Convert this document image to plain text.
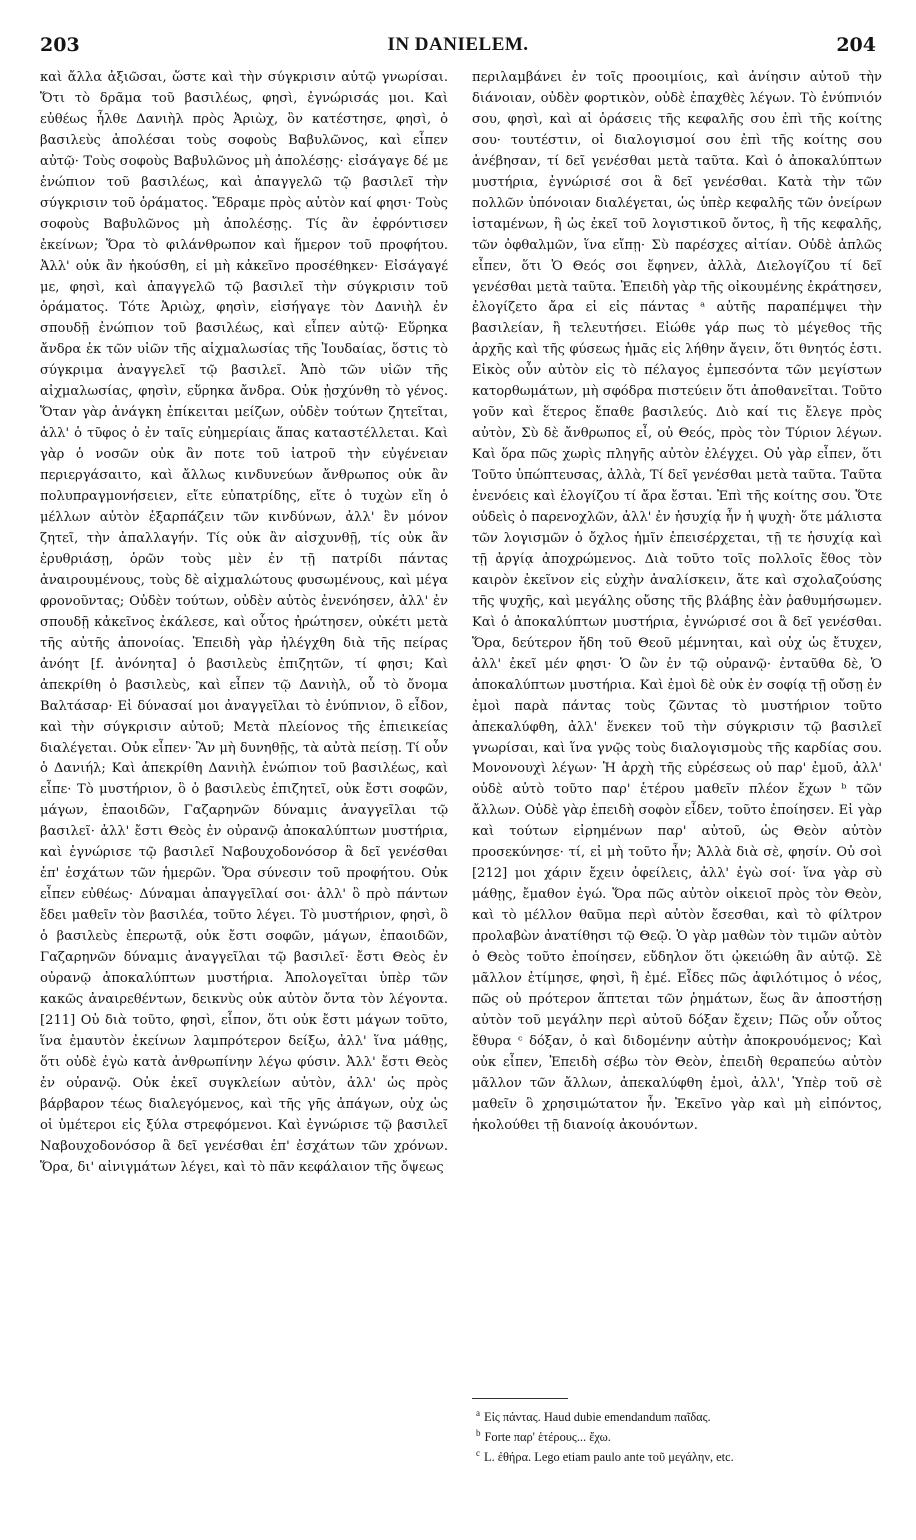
203	IN DANIELEM.	204

καὶ ἄλλα ἀξιῶσαι, ὥστε καὶ τὴν σύγκρισιν αὐτῷ γνωρίσαι. Ὅτι τὸ δρᾶμα τοῦ βασιλέως, φησὶ, ἐγνώρισάς μοι. Καὶ εὐθέως ἦλθε Δανιὴλ πρὸς Ἀριὼχ, ὃν κατέστησε, φησὶ, ὁ βασιλεὺς ἀπολέσαι τοὺς σοφοὺς Βαβυλῶνος, καὶ εἶπεν αὐτῷ· Τοὺς σοφοὺς Βαβυλῶνος μὴ ἀπολέσῃς· εἰσάγαγε δέ με ἐνώπιον τοῦ βασιλέως, καὶ ἀπαγγελῶ τῷ βασιλεῖ τὴν σύγκρισιν τοῦ ὁράματος. Ἔδραμε πρὸς αὐτὸν καί φησι· Τοὺς σοφοὺς Βαβυλῶνος μὴ ἀπολέσῃς. Τίς ἂν ἐφρόντισεν ἐκείνων; Ὅρα τὸ φιλάνθρωπον καὶ ἥμερον τοῦ προφήτου. Ἀλλ' οὐκ ἂν ἠκούσθη, εἰ μὴ κἀκεῖνο προσέθηκεν· Εἰσάγαγέ με, φησὶ, καὶ ἀπαγγελῶ τῷ βασιλεῖ τὴν σύγκρισιν τοῦ ὁράματος. Τότε Ἀριὼχ, φησὶν, εἰσήγαγε τὸν Δανιὴλ ἐν σπουδῇ ἐνώπιον τοῦ βασιλέως, καὶ εἶπεν αὐτῷ· Εὕρηκα ἄνδρα ἐκ τῶν υἱῶν τῆς αἰχμαλωσίας τῆς Ἰουδαίας, ὅστις τὸ σύγκριμα ἀναγγελεῖ τῷ βασιλεῖ. Ἀπὸ τῶν υἱῶν τῆς αἰχμαλωσίας, φησὶν, εὕρηκα ἄνδρα. Οὐκ ᾐσχύνθη τὸ γένος. Ὅταν γὰρ ἀνάγκη ἐπίκειται μείζων, οὐδὲν τούτων ζητεῖται, ἀλλ' ὁ τῦφος ὁ ἐν ταῖς εὐημερίαις ἅπας καταστέλλεται. Καὶ γὰρ ὁ νοσῶν οὐκ ἂν ποτε τοῦ ἰατροῦ τὴν εὐγένειαν περιεργάσαιτο, καὶ ἄλλως κινδυνεύων ἄνθρωπος οὐκ ἂν πολυπραγμονήσειεν, εἴτε εὐπατρίδης, εἴτε ὁ τυχὼν εἴη ὁ μέλλων αὐτὸν ἐξαρπάζειν τῶν κινδύνων, ἀλλ' ἓν μόνον ζητεῖ, τὴν ἀπαλλαγήν. Τίς οὐκ ἂν αἰσχυνθῇ, τίς οὐκ ἂν ἐρυθριάσῃ, ὁρῶν τοὺς μὲν ἐν τῇ πατρίδι πάντας ἀναιρουμένους, τοὺς δὲ αἰχμαλώτους φυσωμένους, καὶ μέγα φρονοῦντας; Οὐδὲν τούτων, οὐδὲν αὐτὸς ἐνενόησεν, ἀλλ' ἐν σπουδῇ κἀκεῖνος ἐκάλεσε, καὶ οὗτος ἠρώτησεν, οὐκέτι μετὰ τῆς αὐτῆς ἀπονοίας. Ἐπειδὴ γὰρ ἠλέγχθη διὰ τῆς πείρας ἀνόητ [f. ἀνόνητα] ὁ βασιλεὺς ἐπιζητῶν, τί φησι; Καὶ ἀπεκρίθη ὁ βασιλεὺς, καὶ εἶπεν τῷ Δανιὴλ, οὗ τὸ ὄνομα Βαλτάσαρ· Εἰ δύνασαί μοι ἀναγγεῖλαι τὸ ἐνύπνιον, ὃ εἶδον, καὶ τὴν σύγκρισιν αὐτοῦ; Μετὰ πλείονος τῆς ἐπιεικείας διαλέγεται. Οὐκ εἶπεν· Ἂν μὴ δυνηθῇς, τὰ αὐτὰ πείσῃ. Τί οὖν ὁ Δανιήλ; Καὶ ἀπεκρίθη Δανιὴλ ἐνώπιον τοῦ βασιλέως, καὶ εἶπε· Τὸ μυστήριον, ὃ ὁ βασιλεὺς ἐπιζητεῖ, οὐκ ἔστι σοφῶν, μάγων, ἐπαοιδῶν, Γαζαρηνῶν δύναμις ἀναγγεῖλαι τῷ βασιλεῖ· ἀλλ' ἔστι Θεὸς ἐν οὐρανῷ ἀποκαλύπτων μυστήρια, καὶ ἐγνώρισε τῷ βασιλεῖ Ναβουχοδονόσορ ἃ δεῖ γενέσθαι ἐπ' ἐσχάτων τῶν ἡμερῶν. Ὅρα σύνεσιν τοῦ προφήτου. Οὐκ εἶπεν εὐθέως· Δύναμαι ἀπαγγεῖλαί σοι· ἀλλ' ὃ πρὸ πάντων ἔδει μαθεῖν τὸν βασιλέα, τοῦτο λέγει. Τὸ μυστήριον, φησὶ, ὃ ὁ βασιλεὺς ἐπερωτᾷ, οὐκ ἔστι σοφῶν, μάγων, ἐπαοιδῶν, Γαζαρηνῶν δύναμις ἀναγγεῖλαι τῷ βασιλεῖ· ἔστι Θεὸς ἐν οὐρανῷ ἀποκαλύπτων μυστήρια. Ἀπολογεῖται ὑπὲρ τῶν κακῶς ἀναιρεθέντων, δεικνὺς οὐκ αὐτὸν ὄντα τὸν λέγοντα. [211] Οὐ διὰ τοῦτο, φησὶ, εἶπον, ὅτι οὐκ ἔστι μάγων τοῦτο, ἵνα ἐμαυτὸν ἐκείνων λαμπρότερον δείξω, ἀλλ' ἵνα μάθῃς, ὅτι οὐδὲ ἐγὼ κατὰ ἀνθρωπίνην λέγω φύσιν. Ἀλλ' ἔστι Θεὸς ἐν οὐρανῷ. Οὐκ ἐκεῖ συγκλείων αὐτὸν, ἀλλ' ὡς πρὸς βάρβαρον τέως διαλεγόμενος, καὶ τῆς γῆς ἀπάγων, οὐχ ὡς οἱ ὑμέτεροι εἰς ξύλα στρεφόμενοι. Καὶ ἐγνώρισε τῷ βασιλεῖ Ναβουχοδονόσορ ἃ δεῖ γενέσθαι ἐπ' ἐσχάτων τῶν χρόνων. Ὅρα, δι' αἰνιγμάτων λέγει, καὶ τὸ πᾶν κεφάλαιον τῆς ὄψεως

περιλαμβάνει ἐν τοῖς προοιμίοις, καὶ ἀνίησιν αὐτοῦ τὴν διάνοιαν, οὐδὲν φορτικὸν, οὐδὲ ἐπαχθὲς λέγων. Τὸ ἐνύπνιόν σου, φησὶ, καὶ αἱ ὁράσεις τῆς κεφαλῆς σου ἐπὶ τῆς κοίτης σου· τουτέστιν, οἱ διαλογισμοί σου ἐπὶ τῆς κοίτης σου ἀνέβησαν, τί δεῖ γενέσθαι μετὰ ταῦτα. Καὶ ὁ ἀποκαλύπτων μυστήρια, ἐγνώρισέ σοι ἃ δεῖ γενέσθαι. Κατὰ τὴν τῶν πολλῶν ὑπόνοιαν διαλέγεται, ὡς ὑπὲρ κεφαλῆς τῶν ὀνείρων ἱσταμένων, ἢ ὡς ἐκεῖ τοῦ λογιστικοῦ ὄντος, ἢ τῆς κεφαλῆς, τῶν ὀφθαλμῶν, ἵνα εἴπῃ· Σὺ παρέσχες αἰτίαν. Οὐδὲ ἁπλῶς εἶπεν, ὅτι Ὁ Θεός σοι ἔφηνεν, ἀλλὰ, Διελογίζου τί δεῖ γενέσθαι μετὰ ταῦτα. Ἐπειδὴ γὰρ τῆς οἰκουμένης ἐκράτησεν, ἐλογίζετο ἄρα εἰ εἰς πάντας ᵃ αὐτῆς παραπέμψει τὴν βασιλείαν, ἢ τελευτήσει. Εἰώθε γάρ πως τὸ μέγεθος τῆς ἀρχῆς καὶ τῆς φύσεως ἡμᾶς εἰς λήθην ἄγειν, ὅτι θνητός ἐστι. Εἰκὸς οὖν αὐτὸν εἰς τὸ πέλαγος ἐμπεσόντα τῶν μεγίστων κατορθωμάτων, μὴ σφόδρα πιστεύειν ὅτι ἀποθανεῖται. Τοῦτο γοῦν καὶ ἕτερος ἔπαθε βασιλεύς. Διὸ καί τις ἔλεγε πρὸς αὐτὸν, Σὺ δὲ ἄνθρωπος εἶ, οὐ Θεός, πρὸς τὸν Τύριον λέγων. Καὶ ὅρα πῶς χωρὶς πληγῆς αὐτὸν ἐλέγχει. Οὐ γὰρ εἶπεν, ὅτι Τοῦτο ὑπώπτευσας, ἀλλὰ, Τί δεῖ γενέσθαι μετὰ ταῦτα. Ταῦτα ἐνενόεις καὶ ἐλογίζου τί ἄρα ἔσται. Ἐπὶ τῆς κοίτης σου. Ὅτε οὐδεὶς ὁ παρενοχλῶν, ἀλλ' ἐν ἡσυχίᾳ ἦν ἡ ψυχὴ· ὅτε μάλιστα τῶν λογισμῶν ὁ ὄχλος ἡμῖν ἐπεισέρχεται, τῇ τε ἡσυχίᾳ καὶ τῇ ἀργίᾳ ἀποχρώμενος. Διὰ τοῦτο τοῖς πολλοῖς ἔθος τὸν καιρὸν ἐκεῖνον εἰς εὐχὴν ἀναλίσκειν, ἅτε καὶ σχολαζούσης τῆς ψυχῆς, καὶ μεγάλης οὔσης τῆς βλάβης ἐὰν ῥαθυμήσωμεν. Καὶ ὁ ἀποκαλύπτων μυστήρια, ἐγνώρισέ σοι ἃ δεῖ γενέσθαι. Ὅρα, δεύτερον ἤδη τοῦ Θεοῦ μέμνηται, καὶ οὐχ ὡς ἔτυχεν, ἀλλ' ἐκεῖ μέν φησι· Ὁ ὢν ἐν τῷ οὐρανῷ· ἐνταῦθα δὲ, Ὁ ἀποκαλύπτων μυστήρια. Καὶ ἐμοὶ δὲ οὐκ ἐν σοφίᾳ τῇ οὔσῃ ἐν ἐμοὶ παρὰ πάντας τοὺς ζῶντας τὸ μυστήριον τοῦτο ἀπεκαλύφθη, ἀλλ' ἕνεκεν τοῦ τὴν σύγκρισιν τῷ βασιλεῖ γνωρίσαι, καὶ ἵνα γνῷς τοὺς διαλογισμοὺς τῆς καρδίας σου. Μονονουχὶ λέγων· Ἡ ἀρχὴ τῆς εὑρέσεως οὐ παρ' ἐμοῦ, ἀλλ' οὐδὲ αὐτὸ τοῦτο παρ' ἑτέρου μαθεῖν πλέον ἔχων ᵇ τῶν ἄλλων. Οὐδὲ γὰρ ἐπειδὴ σοφὸν εἶδεν, τοῦτο ἐποίησεν. Εἰ γὰρ καὶ τούτων εἰρημένων παρ' αὐτοῦ, ὡς Θεὸν αὐτὸν προσεκύνησε· τί, εἰ μὴ τοῦτο ἦν; Ἀλλὰ διὰ σὲ, φησίν. Οὐ σοὶ [212] μοι χάριν ἔχειν ὀφείλεις, ἀλλ' ἐγὼ σοί· ἵνα γὰρ σὺ μάθῃς, ἔμαθον ἐγώ. Ὅρα πῶς αὐτὸν οἰκειοῖ πρὸς τὸν Θεὸν, καὶ τὸ μέλλον θαῦμα περὶ αὐτὸν ἔσεσθαι, καὶ τὸ φίλτρον προλαβὼν ἀνατίθησι τῷ Θεῷ. Ὁ γὰρ μαθὼν τὸν τιμῶν αὐτὸν ὁ Θεὸς τοῦτο ἐποίησεν, εὔδηλον ὅτι ᾠκειώθη ἂν αὐτῷ. Σὲ μᾶλλον ἐτίμησε, φησὶ, ἢ ἐμέ. Εἶδες πῶς ἀφιλότιμος ὁ νέος, πῶς οὐ πρότερον ἅπτεται τῶν ῥημάτων, ἕως ἂν ἀποστήσῃ αὐτὸν τοῦ μεγάλην περὶ αὐτοῦ δόξαν ἔχειν; Πῶς οὖν οὗτος ἔθυρα ᶜ δόξαν, ὁ καὶ διδομένην αὐτὴν ἀποκρουόμενος; Καὶ οὐκ εἶπεν, Ἐπειδὴ σέβω τὸν Θεὸν, ἐπειδὴ θεραπεύω αὐτὸν μᾶλλον τῶν ἄλλων, ἀπεκαλύφθη ἐμοὶ, ἀλλ', Ὑπὲρ τοῦ σὲ μαθεῖν ὃ χρησιμώτατον ἦν. Ἐκεῖνο γὰρ καὶ μὴ εἰπόντος, ἠκολούθει τῇ διανοίᾳ ἀκουόντων.

$^a$ Εἰς πάντας. Haud dubie emendandum παῖδας.
$^b$ Forte παρ' ἑτέρους... ἔχω.
$^c$ L. ἐθήρα. Lego etiam paulo ante τοῦ μεγάλην, etc.
